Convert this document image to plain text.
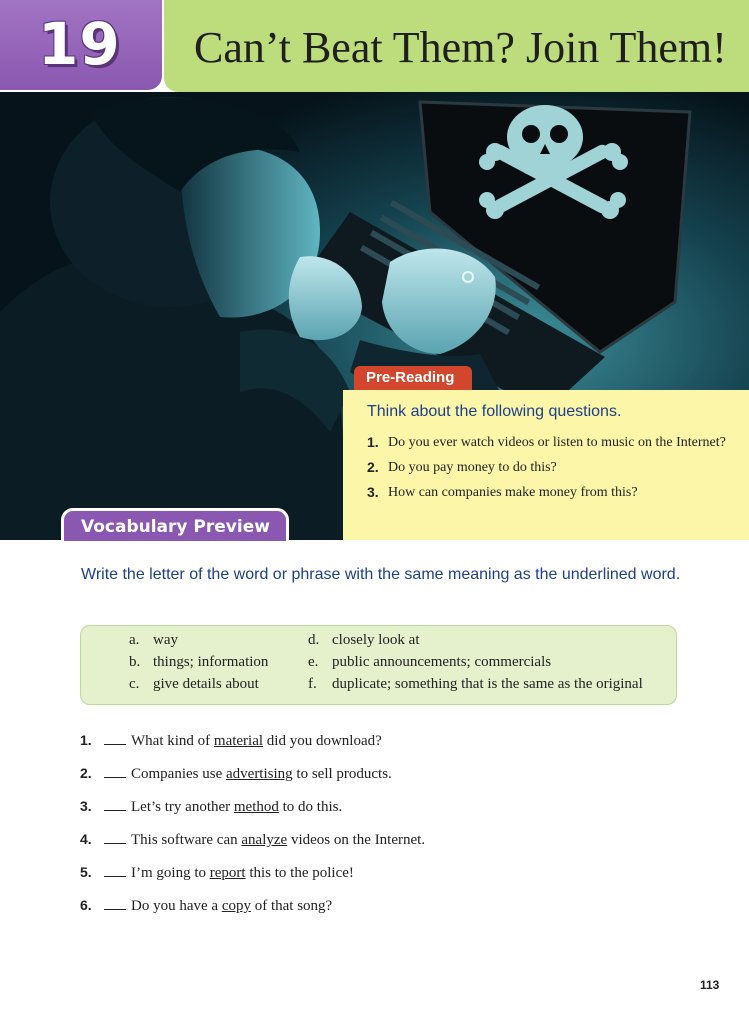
19 Can’t Beat Them? Join Them!
Pre-Reading
Think about the following questions.
1. Do you ever watch videos or listen to music on the Internet?
2. Do you pay money to do this?
3. How can companies make money from this?
Vocabulary Preview
Write the letter of the word or phrase with the same meaning as the underlined word.
a. way
b. things; information
c. give details about
d. closely look at
e. public announcements; commercials
f. duplicate; something that is the same as the original
1.	What kind of material did you download?
2.	Companies use advertising to sell products.
3.	Let’s try another method to do this.
4.	This software can analyze videos on the Internet.
5.	I’m going to report this to the police!
6.	Do you have a copy of that song?
113
